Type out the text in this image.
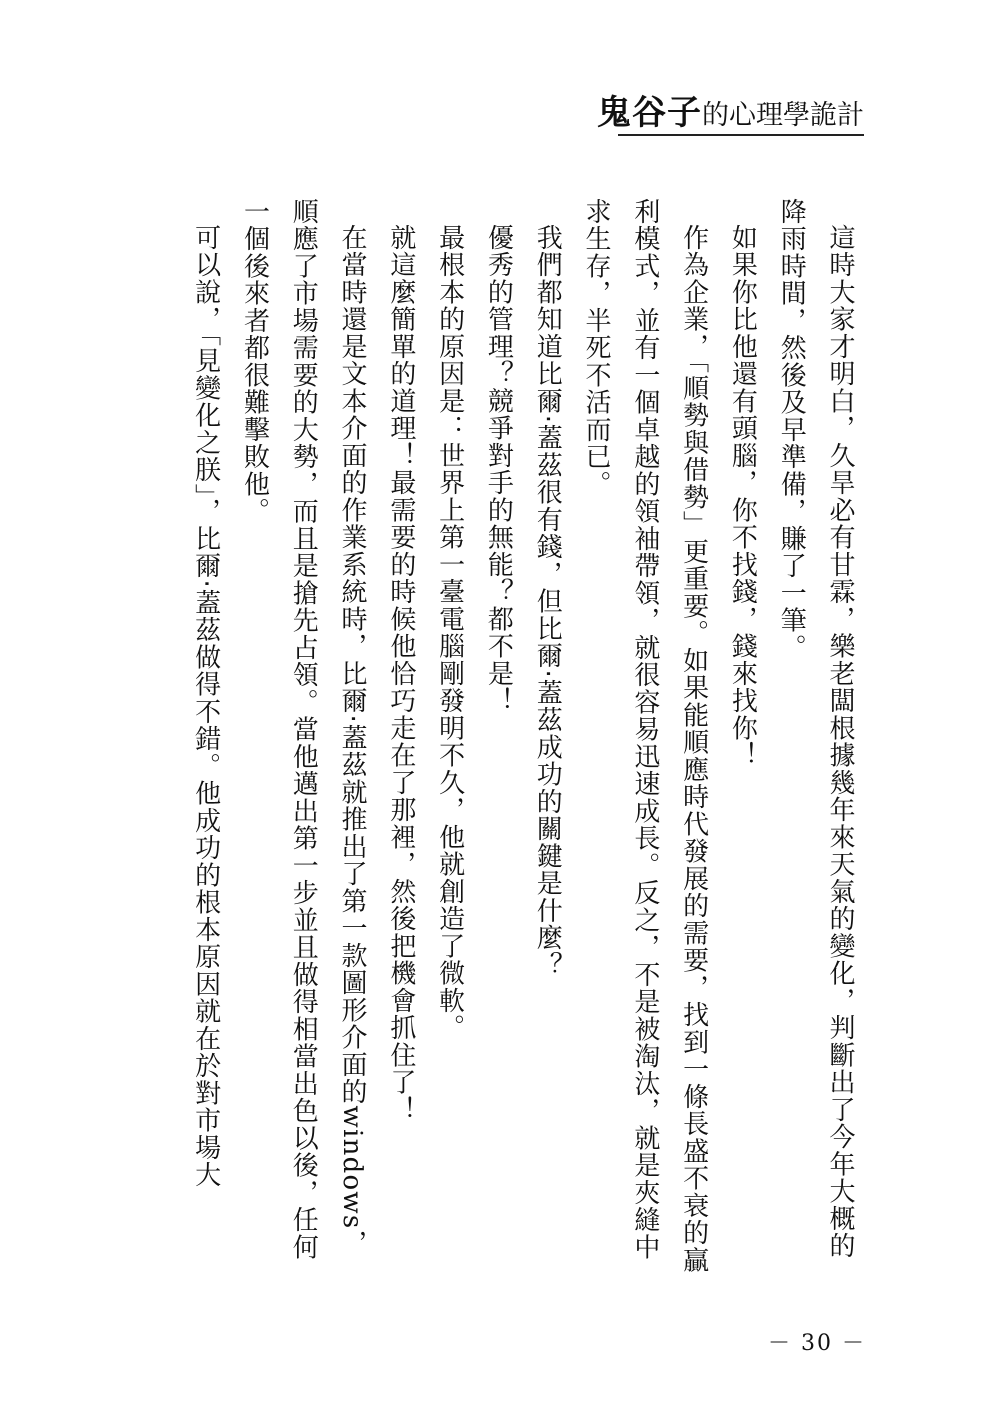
鬼谷子的心理學詭計

這時大家才明白，久旱必有甘霖，樂老闆根據幾年來天氣的變化，判斷出了今年大概的降雨時間，然後及早準備，賺了一筆。

如果你比他還有頭腦，你不找錢，錢來找你！

作為企業，「順勢與借勢」更重要。如果能順應時代發展的需要，找到一條長盛不衰的贏利模式，並有一個卓越的領袖帶領，就很容易迅速成長。反之，不是被淘汰，就是夾縫中求生存，半死不活而已。

我們都知道比爾‧蓋茲很有錢，但比爾‧蓋茲成功的關鍵是什麼？

優秀的管理？競爭對手的無能？都不是！

最根本的原因是：世界上第一臺電腦剛發明不久，他就創造了微軟。

就這麼簡單的道理！最需要的時候他恰巧走在了那裡，然後把機會抓住了！

在當時還是文本介面的作業系統時，比爾‧蓋茲就推出了第一款圖形介面的windows，順應了市場需要的大勢，而且是搶先占領。當他邁出第一步並且做得相當出色以後，任何一個後來者都很難擊敗他。

可以說，「見變化之朕」，比爾‧蓋茲做得不錯。他成功的根本原因就在於對市場大

－ 30 －
